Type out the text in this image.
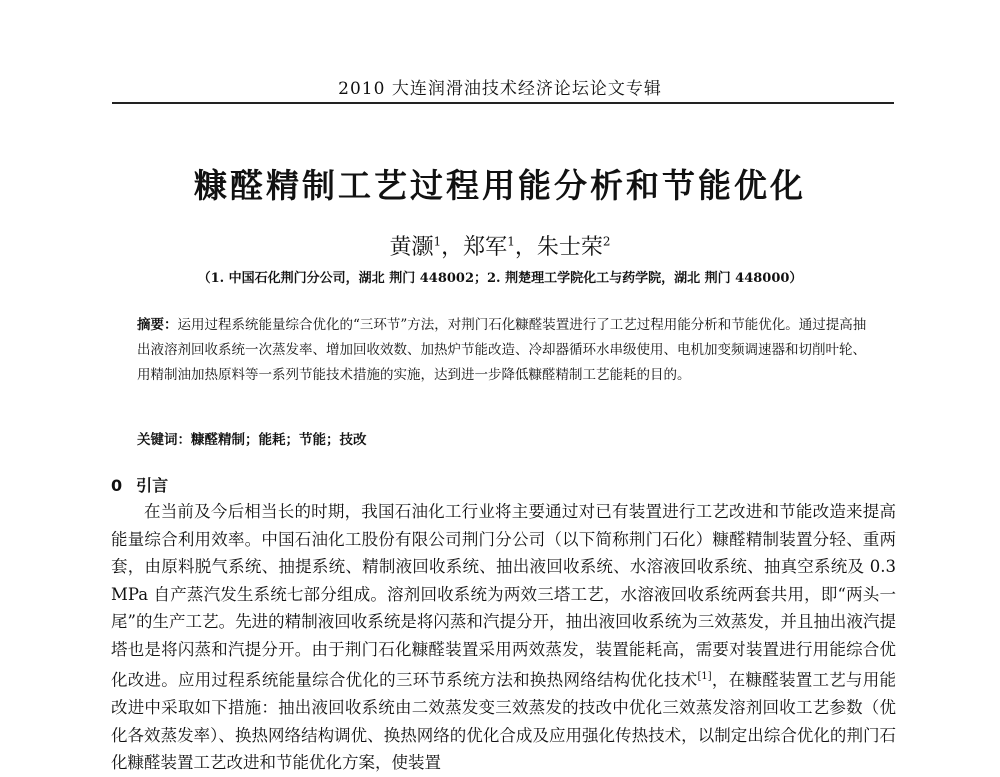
2010 大连润滑油技术经济论坛论文专辑
糠醛精制工艺过程用能分析和节能优化
黄灏$^1$，郑军$^1$，朱士荣$^2$
（1. 中国石化荆门分公司，湖北 荆门 448002；2. 荆楚理工学院化工与药学院，湖北 荆门 448000）
摘要：运用过程系统能量综合优化的“三环节”方法，对荆门石化糠醛装置进行了工艺过程用能分析和节能优化。通过提高抽出液溶剂回收系统一次蒸发率、增加回收效数、加热炉节能改造、冷却器循环水串级使用、电机加变频调速器和切削叶轮、用精制油加热原料等一系列节能技术措施的实施，达到进一步降低糠醛精制工艺能耗的目的。
关键词：糠醛精制；能耗；节能；技改
0 引言
在当前及今后相当长的时期，我国石油化工行业将主要通过对已有装置进行工艺改进和节能改造来提高能量综合利用效率。中国石油化工股份有限公司荆门分公司（以下简称荆门石化）糠醛精制装置分轻、重两套，由原料脱气系统、抽提系统、精制液回收系统、抽出液回收系统、水溶液回收系统、抽真空系统及 0.3 MPa 自产蒸汽发生系统七部分组成。溶剂回收系统为两效三塔工艺，水溶液回收系统两套共用，即“两头一尾”的生产工艺。先进的精制液回收系统是将闪蒸和汽提分开，抽出液回收系统为三效蒸发，并且抽出液汽提塔也是将闪蒸和汽提分开。由于荆门石化糠醛装置采用两效蒸发，装置能耗高，需要对装置进行用能综合优化改进。应用过程系统能量综合优化的三环节系统方法和换热网络结构优化技术[1]，在糠醛装置工艺与用能改进中采取如下措施：抽出液回收系统由二效蒸发变三效蒸发的技改中优化三效蒸发溶剂回收工艺参数（优化各效蒸发率）、换热网络结构调优、换热网络的优化合成及应用强化传热技术，以制定出综合优化的荆门石化糠醛装置工艺改进和节能优化方案，使装置
